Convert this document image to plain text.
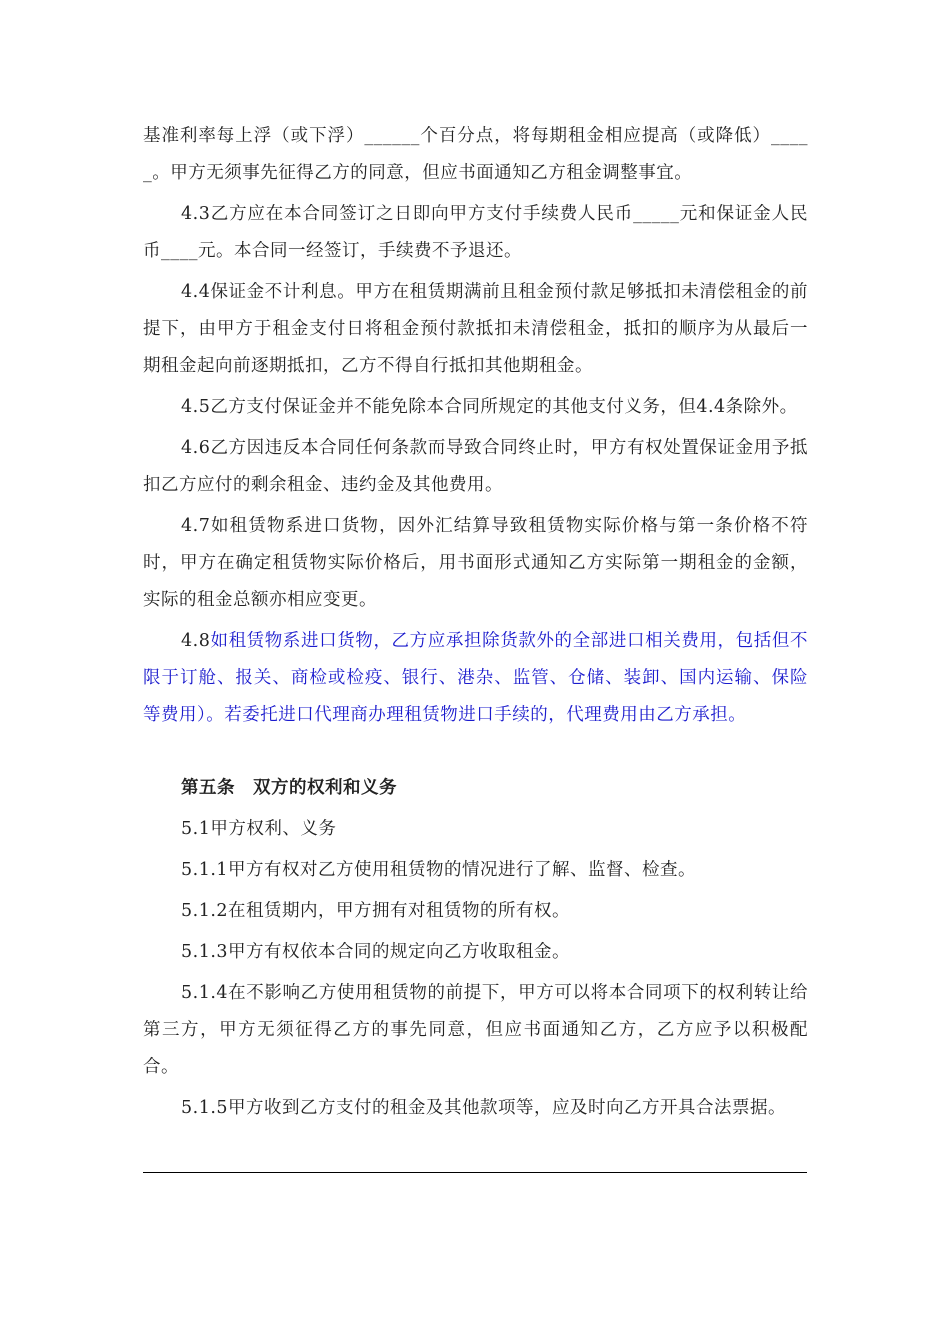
基准利率每上浮（或下浮）______个百分点，将每期租金相应提高（或降低）_____。甲方无须事先征得乙方的同意，但应书面通知乙方租金调整事宜。

4.3乙方应在本合同签订之日即向甲方支付手续费人民币_____元和保证金人民币____元。本合同一经签订，手续费不予退还。

4.4保证金不计利息。甲方在租赁期满前且租金预付款足够抵扣未清偿租金的前提下，由甲方于租金支付日将租金预付款抵扣未清偿租金，抵扣的顺序为从最后一期租金起向前逐期抵扣，乙方不得自行抵扣其他期租金。

4.5乙方支付保证金并不能免除本合同所规定的其他支付义务，但4.4条除外。

4.6乙方因违反本合同任何条款而导致合同终止时，甲方有权处置保证金用予抵扣乙方应付的剩余租金、违约金及其他费用。

4.7如租赁物系进口货物，因外汇结算导致租赁物实际价格与第一条价格不符时，甲方在确定租赁物实际价格后，用书面形式通知乙方实际第一期租金的金额，实际的租金总额亦相应变更。

4.8如租赁物系进口货物，乙方应承担除货款外的全部进口相关费用，包括但不限于订舱、报关、商检或检疫、银行、港杂、监管、仓储、装卸、国内运输、保险等费用）。若委托进口代理商办理租赁物进口手续的，代理费用由乙方承担。

第五条　双方的权利和义务

5.1甲方权利、义务

5.1.1甲方有权对乙方使用租赁物的情况进行了解、监督、检查。

5.1.2在租赁期内，甲方拥有对租赁物的所有权。

5.1.3甲方有权依本合同的规定向乙方收取租金。

5.1.4在不影响乙方使用租赁物的前提下，甲方可以将本合同项下的权利转让给第三方，甲方无须征得乙方的事先同意，但应书面通知乙方，乙方应予以积极配合。

5.1.5甲方收到乙方支付的租金及其他款项等，应及时向乙方开具合法票据。
